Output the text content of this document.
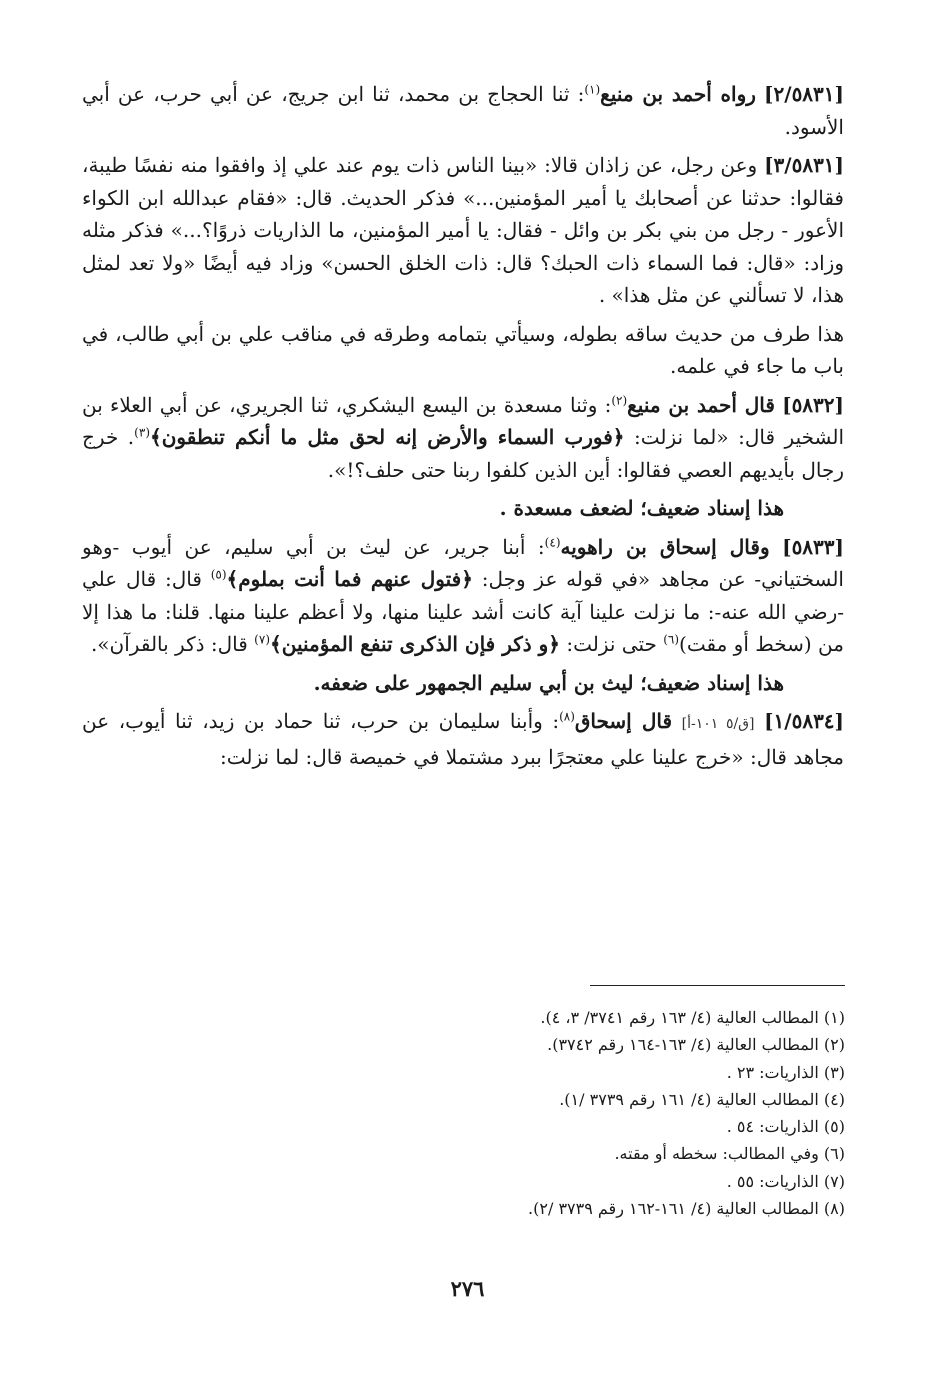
[٢/٥٨٣١] رواه أحمد بن منيع$^{(١)}$: ثنا الحجاج بن محمد، ثنا ابن جريج، عن أبي حرب، عن أبي الأسود.

[٣/٥٨٣١] وعن رجل، عن زاذان قالا: «بينا الناس ذات يوم عند علي إذ وافقوا منه نفسًا طيبة، فقالوا: حدثنا عن أصحابك يا أمير المؤمنين...» فذكر الحديث. قال: «فقام عبدالله ابن الكواء الأعور - رجل من بني بكر بن وائل - فقال: يا أمير المؤمنين، ما الذاريات ذروًا؟...» فذكر مثله وزاد: «قال: فما السماء ذات الحبك؟ قال: ذات الخلق الحسن» وزاد فيه أيضًا «ولا تعد لمثل هذا، لا تسألني عن مثل هذا» .

هذا طرف من حديث ساقه بطوله، وسيأتي بتمامه وطرقه في مناقب علي بن أبي طالب، في باب ما جاء في علمه.

[٥٨٣٢] قال أحمد بن منيع$^{(٢)}$: وثنا مسعدة بن اليسع اليشكري، ثنا الجريري، عن أبي العلاء بن الشخير قال: «لما نزلت: ﴿فورب السماء والأرض إنه لحق مثل ما أنكم تنطقون﴾$^{(٣)}$. خرج رجال بأيديهم العصي فقالوا: أين الذين كلفوا ربنا حتى حلف؟!».

هذا إسناد ضعيف؛ لضعف مسعدة .

[٥٨٣٣] وقال إسحاق بن راهويه$^{(٤)}$: أبنا جرير، عن ليث بن أبي سليم، عن أيوب -وهو السختياني- عن مجاهد «في قوله عز وجل: ﴿فتول عنهم فما أنت بملوم﴾$^{(٥)}$ قال: قال علي -رضي الله عنه-: ما نزلت علينا آية كانت أشد علينا منها، ولا أعظم علينا منها. قلنا: ما هذا إلا من (سخط أو مقت)$^{(٦)}$ حتى نزلت: ﴿و ذكر فإن الذكرى تنفع المؤمنين﴾$^{(٧)}$ قال: ذكر بالقرآن».

هذا إسناد ضعيف؛ ليث بن أبي سليم الجمهور على ضعفه.

[١/٥٨٣٤] [ق/٥ ١٠١-أ] قال إسحاق$^{(٨)}$: وأبنا سليمان بن حرب، ثنا حماد بن زيد، ثنا أيوب، عن مجاهد قال: «خرج علينا علي معتجرًا ببرد مشتملا في خميصة قال: لما نزلت:

(١) المطالب العالية (٤/ ١٦٣ رقم ٣٧٤١/ ٣، ٤).

(٢) المطالب العالية (٤/ ١٦٣-١٦٤ رقم ٣٧٤٢).

(٣) الذاريات: ٢٣ .

(٤) المطالب العالية (٤/ ١٦١ رقم ٣٧٣٩ /١).

(٥) الذاريات: ٥٤ .

(٦) وفي المطالب: سخطه أو مقته.

(٧) الذاريات: ٥٥ .

(٨) المطالب العالية (٤/ ١٦١-١٦٢ رقم ٣٧٣٩ /٢).

٢٧٦
